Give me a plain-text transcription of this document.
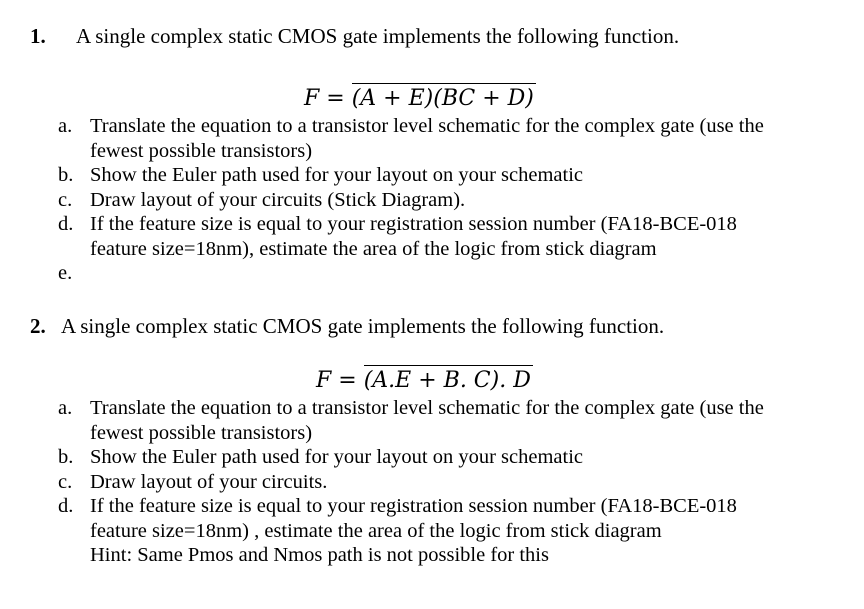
1. A single complex static CMOS gate implements the following function.
F = (A + E)(BC + D)
a. Translate the equation to a transistor level schematic for the complex gate (use the
fewest possible transistors)
b. Show the Euler path used for your layout on your schematic
c. Draw layout of your circuits (Stick Diagram).
d. If the feature size is equal to your registration session number (FA18-BCE-018
feature size=18nm), estimate the area of the logic from stick diagram
e.
2. A single complex static CMOS gate implements the following function.
F = (A.E + B. C). D
a. Translate the equation to a transistor level schematic for the complex gate (use the
fewest possible transistors)
b. Show the Euler path used for your layout on your schematic
c. Draw layout of your circuits.
d. If the feature size is equal to your registration session number (FA18-BCE-018
feature size=18nm) , estimate the area of the logic from stick diagram
Hint: Same Pmos and Nmos path is not possible for this
